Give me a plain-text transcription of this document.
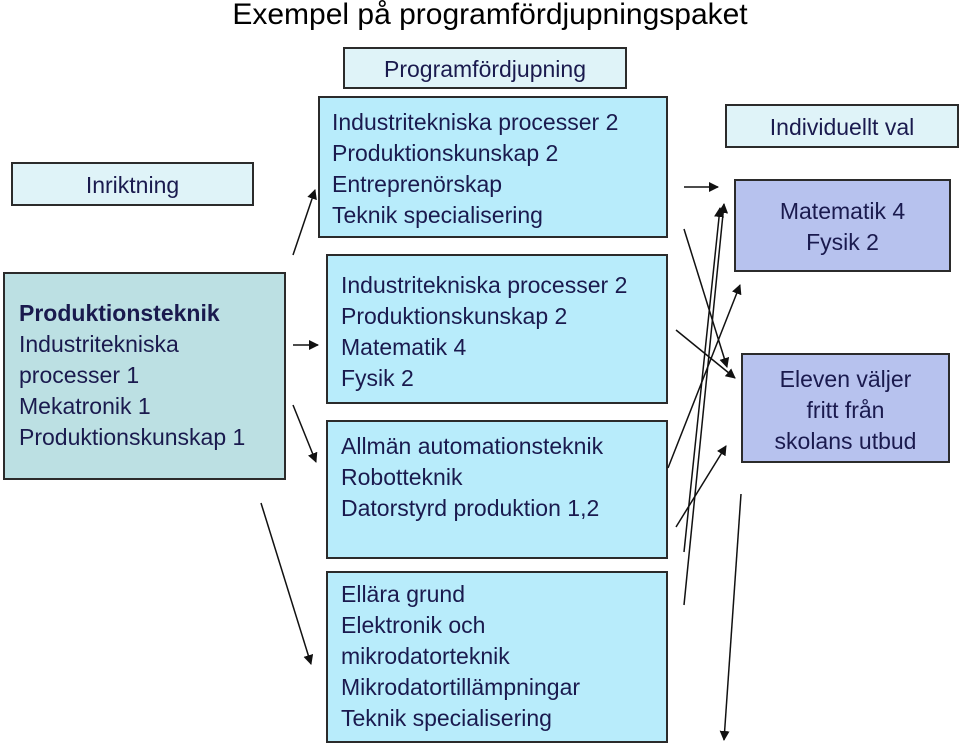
Exempel på programfördjupningspaket
Programfördjupning
Inriktning
Individuellt val
Produktionsteknik
Industritekniska
processer 1
Mekatronik 1
Produktionskunskap 1
Industritekniska processer 2
Produktionskunskap 2
Entreprenörskap
Teknik specialisering
Industritekniska processer 2
Produktionskunskap 2
Matematik 4
Fysik 2
Allmän automationsteknik
Robotteknik
Datorstyrd produktion 1,2
Ellära grund
Elektronik och
mikrodatorteknik
Mikrodatortillämpningar
Teknik specialisering
Matematik 4
Fysik 2
Eleven väljer
fritt från
skolans utbud
